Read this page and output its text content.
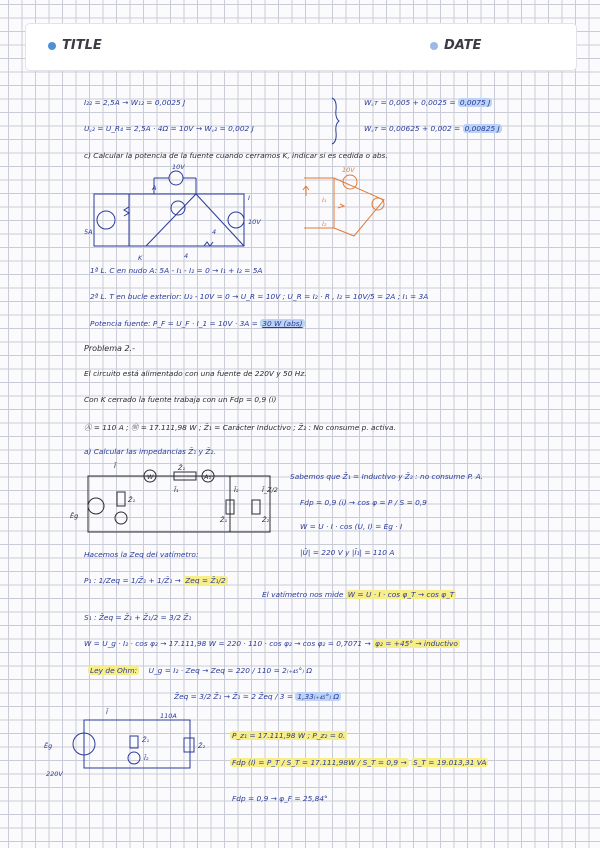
TITLE	DATE
I₂₂ = 2,5A → W₁₂ = 0,0025 J
U꜀₂ = U_R₄ = 2,5A · 4Ω = 10V → W꜀₂ = 0,002 J
W꜀ᴛ = 0,005 + 0,0025 = 0,0075 J
W꜀ᴛ = 0,00625 + 0,002 = 0,00825 J
c) Calcular la potencia de la fuente cuando cerramos K, indicar si es cedida o abs.
5A
A
10V
I
10V
4
4
K
I₁
I₂
10V
1ª L. C en nudo A: 5A - I₁ - I₂ = 0 → I₁ + I₂ = 5A
2ª L. T en bucle exterior: U₂ - 10V = 0 → U_R = 10V ; U_R = I₂ · R , I₂ = 10V/5 = 2A ; I₁ = 3A
Potencia fuente: P_F = U_F · I_1 = 10V · 3A = 30 W (abs)
Problema 2.-
El circuito está alimentado con una fuente de 220V y 50 Hz.
Con K cerrado la fuente trabaja con un Fdp = 0,9 (i)
Ⓐ = 110 A ; Ⓦ = 17.111,98 W ; Z̄₁ = Carácter Inductivo ; Z̄₂ : No consume p. activa.
a) Calcular las impedancias Z̄₁ y Z̄₂.
Ī
Ēg
Z̄₁
Ī₁	Ī₂	Ī_Z/2
Z̄₁	Z̄₂
W	A₁
Z̄₁
Sabemos que Z̄₁ = Inductivo y Z̄₂ : no consume P. A.
Fdp = 0,9 (i) → cos φ = P / S = 0,9
W = U · I · cos (U, I) = Eg · I
|Ū| = 220 V y |Ī₁| = 110 A
Hacemos la Zeq del vatímetro:
P₁ : 1/Zeq = 1/Z̄₁ + 1/Z̄₁ → Zeq = Z̄₁/2
El vatímetro nos mide W = U · I · cos φ_T → cos φ_T
S₁ : Z̄eq = Z̄₁ + Z̄₁/2 = 3/2 Z̄₁
W = U_g · I₂ · cos φ₂ → 17.111,98 W = 220 · 110 · cos φ₂ → cos φ₂ = 0,7071 → φ₂ = +45° → inductivo
Ley de Ohm: U_g = I₂ · Zeq → Zeq = 220 / 110 = 2₍₊₄₅°₎ Ω
Z̄eq = 3/2 Z̄₁ → Z̄₁ = 2 Z̄eq / 3 = 1,33₍₊₄₅°₎ Ω
Ī	110A
Ēg
Z̄₁
Z̄₂
220V
Ī₂
P_z₁ = 17.111,98 W ; P_z₂ = 0.
Fdp (I) = P_T / S_T = 17.111,98W / S_T = 0,9 → S_T = 19.013,31 VA
Fdp = 0,9 → φ_F = 25,84°
